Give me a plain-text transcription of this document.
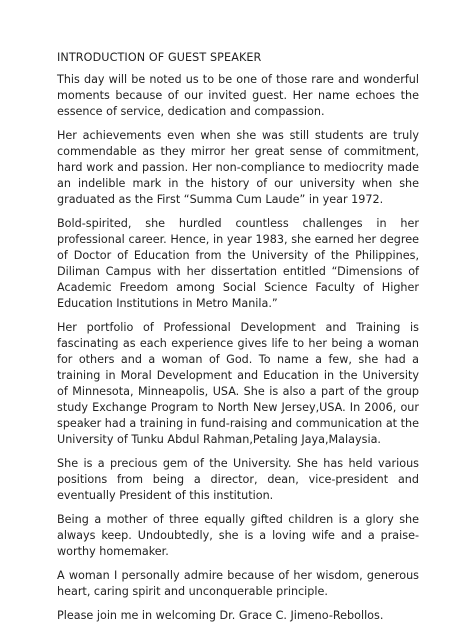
INTRODUCTION OF GUEST SPEAKER

This day will be noted us to be one of those rare and wonderful moments because of our invited guest. Her name echoes the essence of service, dedication and compassion.

Her achievements even when she was still students are truly commendable as they mirror her great sense of commitment, hard work and passion. Her non-compliance to mediocrity made an indelible mark in the history of our university when she graduated as the First “Summa Cum Laude” in year 1972.

Bold-spirited, she hurdled countless challenges in her professional career. Hence, in year 1983, she earned her degree of Doctor of Education from the University of the Philippines, Diliman Campus with her dissertation entitled “Dimensions of Academic Freedom among Social Science Faculty of Higher Education Institutions in Metro Manila.”

Her portfolio of Professional Development and Training is fascinating as each experience gives life to her being a woman for others and a woman of God. To name a few, she had a training in Moral Development and Education in the University of Minnesota, Minneapolis, USA. She is also a part of the group study Exchange Program to North New Jersey,USA. In 2006, our speaker had a training in fund-raising and communication at the University of Tunku Abdul Rahman,Petaling Jaya,Malaysia.

She is a precious gem of the University. She has held various positions from being a director, dean, vice-president and eventually President of this institution.

Being a mother of three equally gifted children is a glory she always keep. Undoubtedly, she is a loving wife and a praise-worthy homemaker.

A woman I personally admire because of her wisdom, generous heart, caring spirit and unconquerable principle.

Please join me in welcoming Dr. Grace C. Jimeno-Rebollos.
